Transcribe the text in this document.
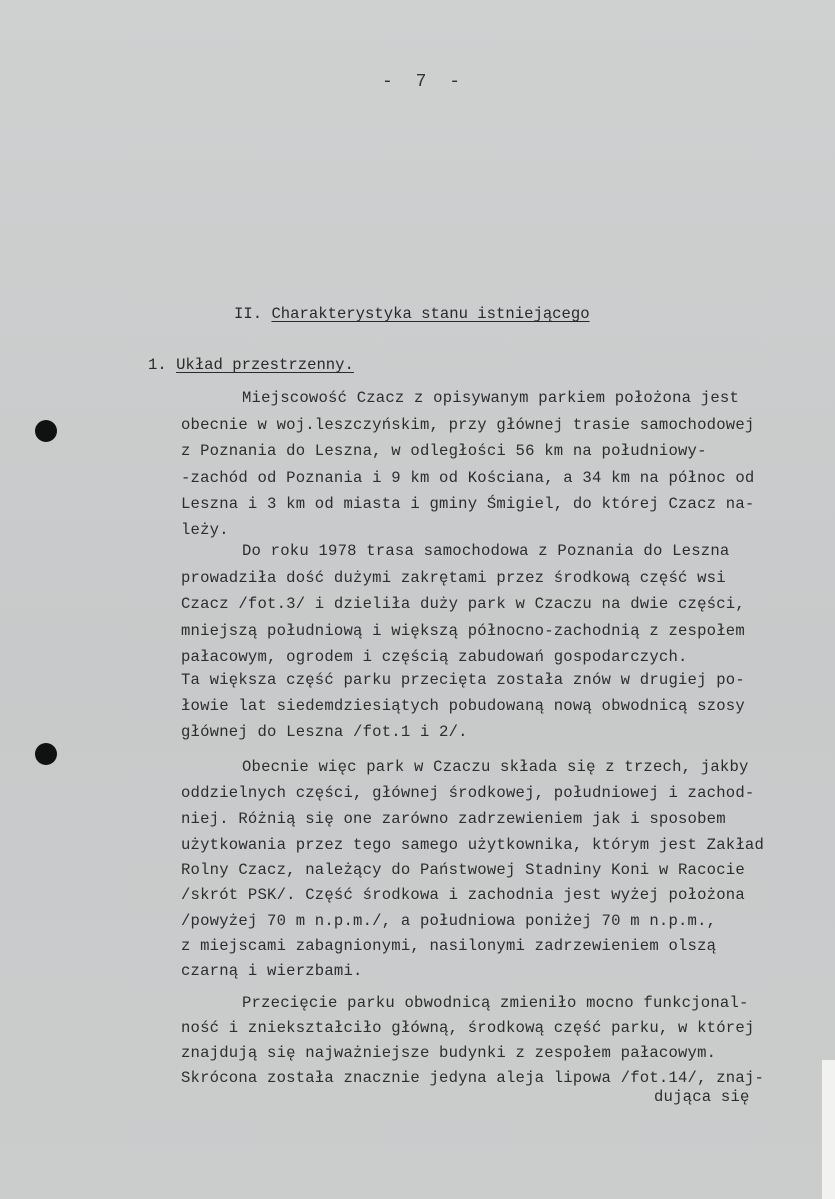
- 7 -
II. Charakterystyka stanu istniejącego
1. Układ przestrzenny.
Miejscowość Czacz z opisywanym parkiem położona jest
obecnie w woj.leszczyńskim, przy głównej trasie samochodowej
z Poznania do Leszna, w odległości 56 km na południowy-
-zachód od Poznania i 9 km od Kościana, a 34 km na północ od
Leszna i 3 km od miasta i gminy Śmigiel, do której Czacz na-
leży.
Do roku 1978 trasa samochodowa z Poznania do Leszna
prowadziła dość dużymi zakrętami przez środkową część wsi
Czacz /fot.3/ i dzieliła duży park w Czaczu na dwie części,
mniejszą południową i większą północno-zachodnią z zespołem
pałacowym, ogrodem i częścią zabudowań gospodarczych.
Ta większa część parku przecięta została znów w drugiej po-
łowie lat siedemdziesiątych pobudowaną nową obwodnicą szosy
głównej do Leszna /fot.1 i 2/.
Obecnie więc park w Czaczu składa się z trzech, jakby
oddzielnych części, głównej środkowej, południowej i zachod-
niej. Różnią się one zarówno zadrzewieniem jak i sposobem
użytkowania przez tego samego użytkownika, którym jest Zakład
Rolny Czacz, należący do Państwowej Stadniny Koni w Racocie
/skrót PSK/. Część środkowa i zachodnia jest wyżej położona
/powyżej 70 m n.p.m./, a południowa poniżej 70 m n.p.m.,
z miejscami zabagnionymi, nasilonymi zadrzewieniem olszą
czarną i wierzbami.
Przecięcie parku obwodnicą zmieniło mocno funkcjonal-
ność i zniekształciło główną, środkową część parku, w której
znajdują się najważniejsze budynki z zespołem pałacowym.
Skrócona została znacznie jedyna aleja lipowa /fot.14/, znaj-
dująca się
